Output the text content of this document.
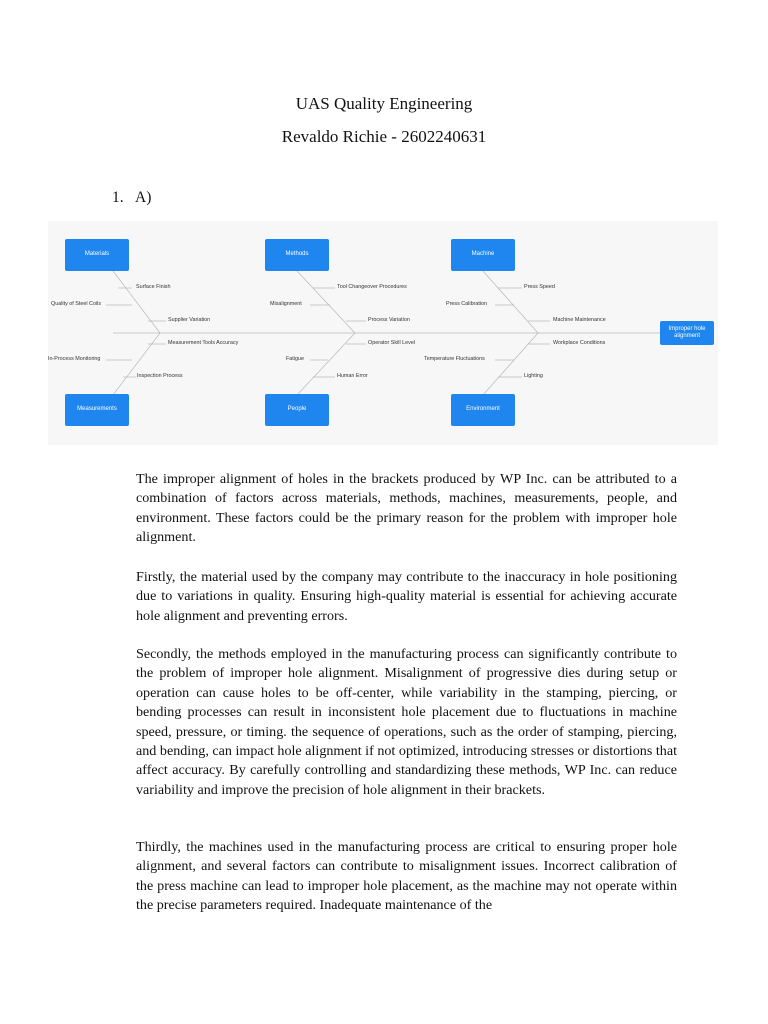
UAS Quality Engineering
Revaldo Richie - 2602240631
1. A)
Materials	Methods	Machine
Measurements	People	Environment
Improper hole alignment
Surface Finish
Quality of Steel Coils
Supplier Variation
Measurement Tools Accuracy
In-Process Monitoring
Inspection Process
Tool Changeover Procedures
Misalignment
Process Variation
Operator Skill Level
Fatigue
Human Error
Press Speed
Press Calibration
Machine Maintenance
Workplace Conditions
Temperature Fluctuations
Lighting

The improper alignment of holes in the brackets produced by WP Inc. can be attributed to a combination of factors across materials, methods, machines, measurements, people, and environment. These factors could be the primary reason for the problem with improper hole alignment.

Firstly, the material used by the company may contribute to the inaccuracy in hole positioning due to variations in quality. Ensuring high-quality material is essential for achieving accurate hole alignment and preventing errors.

Secondly, the methods employed in the manufacturing process can significantly contribute to the problem of improper hole alignment. Misalignment of progressive dies during setup or operation can cause holes to be off-center, while variability in the stamping, piercing, or bending processes can result in inconsistent hole placement due to fluctuations in machine speed, pressure, or timing. the sequence of operations, such as the order of stamping, piercing, and bending, can impact hole alignment if not optimized, introducing stresses or distortions that affect accuracy. By carefully controlling and standardizing these methods, WP Inc. can reduce variability and improve the precision of hole alignment in their brackets.

Thirdly, the machines used in the manufacturing process are critical to ensuring proper hole alignment, and several factors can contribute to misalignment issues. Incorrect calibration of the press machine can lead to improper hole placement, as the machine may not operate within the precise parameters required. Inadequate maintenance of the
